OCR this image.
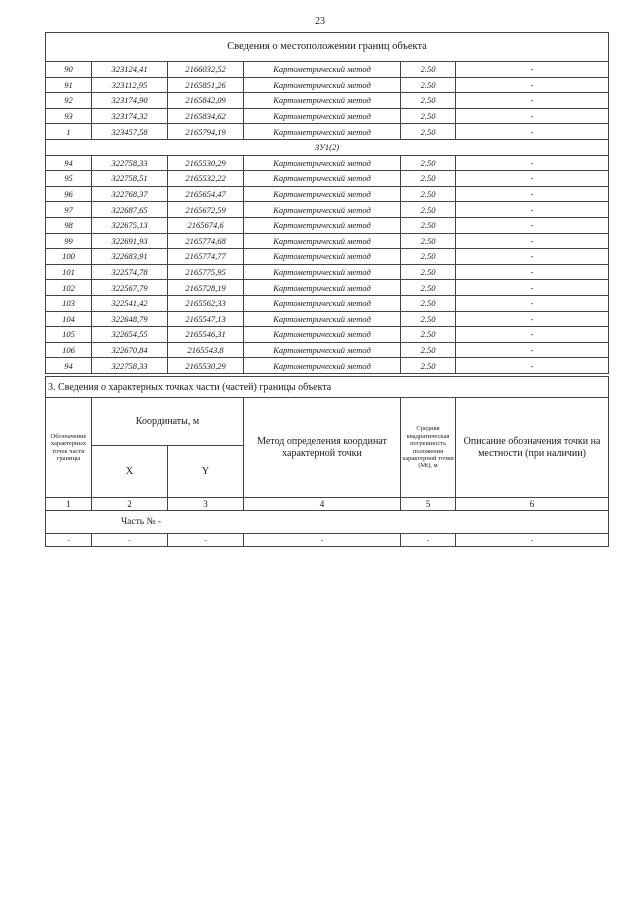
23
Сведения о местоположении границ объекта					
90	323124,41	2166032,52	Картометрический метод	2.50	-
91	323112,95	2165851,26	Картометрический метод	2.50	-
92	323174,90	2165842,09	Картометрический метод	2.50	-
93	323174,32	2165834,62	Картометрический метод	2.50	-
1	323457,58	2165794,19	Картометрический метод	2.50	-
ЗУ1(2)					
94	322758,33	2165530,29	Картометрический метод	2.50	-
95	322758,51	2165532,22	Картометрический метод	2.50	-
96	322768,37	2165654,47	Картометрический метод	2.50	-
97	322687,65	2165672,59	Картометрический метод	2.50	-
98	322675,13	2165674,6	Картометрический метод	2.50	-
99	322691,93	2165774,68	Картометрический метод	2.50	-
100	322683,91	2165774,77	Картометрический метод	2.50	-
101	322574,78	2165775,95	Картометрический метод	2.50	-
102	322567,79	2165728,19	Картометрический метод	2.50	-
103	322541,42	2165562,33	Картометрический метод	2.50	-
104	322648,79	2165547,13	Картометрический метод	2.50	-
105	322654,55	2165546,31	Картометрический метод	2.50	-
106	322670,84	2165543,8	Картометрический метод	2.50	-
94	322758,33	2165530,29	Картометрический метод	2.50	-
3. Сведения о характерных точках части (частей) границы объекта					
Обозначение характерных точек части границы	Координаты, м		Метод определения координат характерной точки	Средняя квадратическая погрешность положения характерной точки (Мt), м	Описание обозначения точки на местности (при наличии)
	X	Y			
1	2	3	4	5	6
Часть № -					
-	-	-	-	-	-
